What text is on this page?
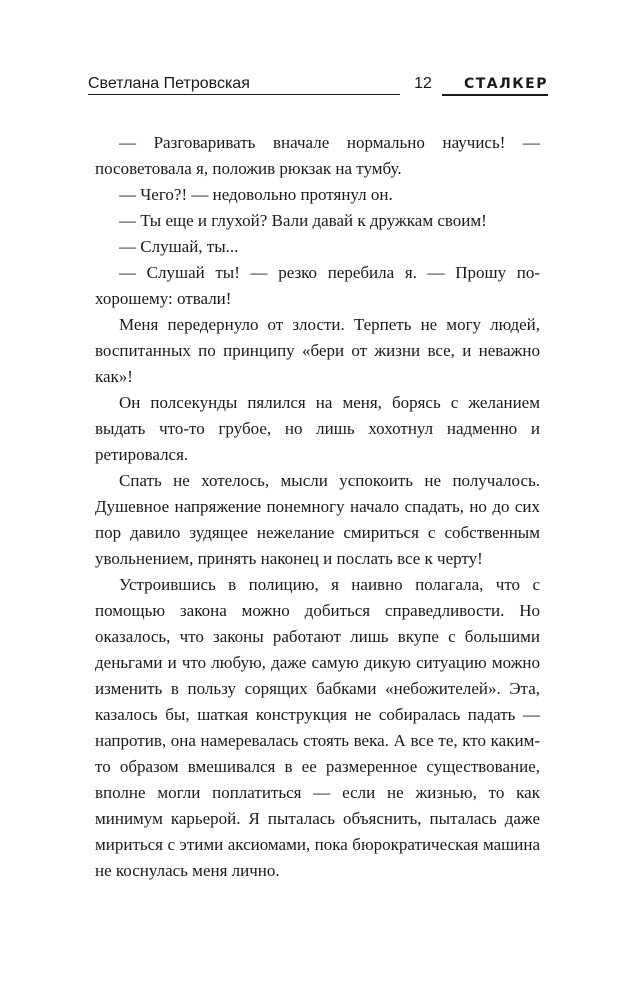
Светлана Петровская	12	СТАЛКЕР

— Разговаривать вначале нормально научись! — посоветовала я, положив рюкзак на тумбу.

— Чего?! — недовольно протянул он.

— Ты еще и глухой? Вали давай к дружкам своим!

— Слушай, ты...

— Слушай ты! — резко перебила я. — Прошу по-хорошему: отвали!

Меня передернуло от злости. Терпеть не могу людей, воспитанных по принципу «бери от жизни все, и неважно как»!

Он полсекунды пялился на меня, борясь с желанием выдать что-то грубое, но лишь хохотнул надменно и ретировался.

Спать не хотелось, мысли успокоить не получалось. Душевное напряжение понемногу начало спадать, но до сих пор давило зудящее нежелание смириться с собственным увольнением, принять наконец и послать все к черту!

Устроившись в полицию, я наивно полагала, что с помощью закона можно добиться справедливости. Но оказалось, что законы работают лишь вкупе с большими деньгами и что любую, даже самую дикую ситуацию можно изменить в пользу сорящих бабками «небожителей». Эта, казалось бы, шаткая конструкция не собиралась падать — напротив, она намеревалась стоять века. А все те, кто каким-то образом вмешивался в ее размеренное существование, вполне могли поплатиться — если не жизнью, то как минимум карьерой. Я пыталась объяснить, пыталась даже мириться с этими аксиомами, пока бюрократическая машина не коснулась меня лично.
